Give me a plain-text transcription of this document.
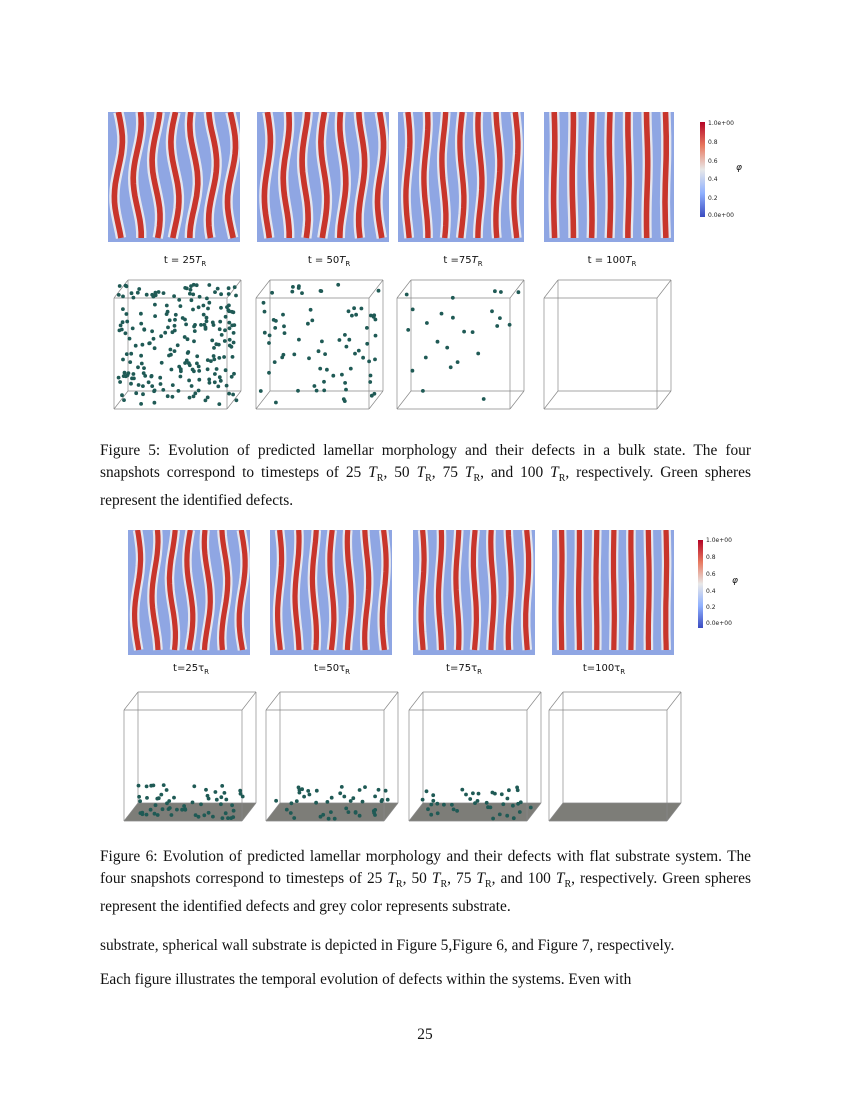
1.0e+00
0.8
0.6
0.4
0.2
0.0e+00
φ
$t = 25T_R$	$t = 50T_R$	$t =75T_R$	$t = 100T_R$
Figure 5: Evolution of predicted lamellar morphology and their defects in a bulk state. The four snapshots correspond to timesteps of 25 $T_R$, 50 $T_R$, 75 $T_R$, and 100 $T_R$, respectively. Green spheres represent the identified defects.
1.0e+00
0.8
0.6
0.4
0.2
0.0e+00
φ
$t=25\tau_R$	$t=50\tau_R$	$t=75\tau_R$	$t=100\tau_R$
Figure 6: Evolution of predicted lamellar morphology and their defects with flat substrate system. The four snapshots correspond to timesteps of 25 $T_R$, 50 $T_R$, 75 $T_R$, and 100 $T_R$, respectively. Green spheres represent the identified defects and grey color represents substrate.
substrate, spherical wall substrate is depicted in Figure 5,Figure 6, and Figure 7, respectively.
Each figure illustrates the temporal evolution of defects within the systems. Even with
25
